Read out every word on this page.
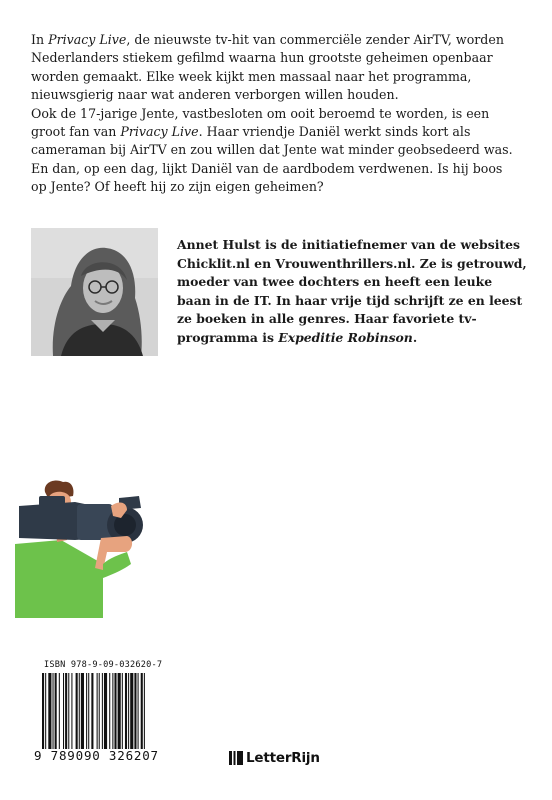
In Privacy Live, de nieuwste tv-hit van commerciële zender AirTV, worden Nederlanders stiekem gefilmd waarna hun grootste geheimen openbaar worden gemaakt. Elke week kijkt men massaal naar het programma, nieuwsgierig naar wat anderen verborgen willen houden.

Ook de 17-jarige Jente, vastbesloten om ooit beroemd te worden, is een groot fan van Privacy Live. Haar vriendje Daniël werkt sinds kort als cameraman bij AirTV en zou willen dat Jente wat minder geobsedeerd was.

En dan, op een dag, lijkt Daniël van de aardbodem verdwenen. Is hij boos op Jente? Of heeft hij zo zijn eigen geheimen?

Annet Hulst is de initiatiefnemer van de websites Chicklit.nl en Vrouwenthrillers.nl. Ze is getrouwd, moeder van twee dochters en heeft een leuke baan in de IT. In haar vrije tijd schrijft ze en leest ze boeken in alle genres. Haar favoriete tv-programma is Expeditie Robinson.

ISBN 978-9-09-032620-7
9 789090 326207	LetterRijn
